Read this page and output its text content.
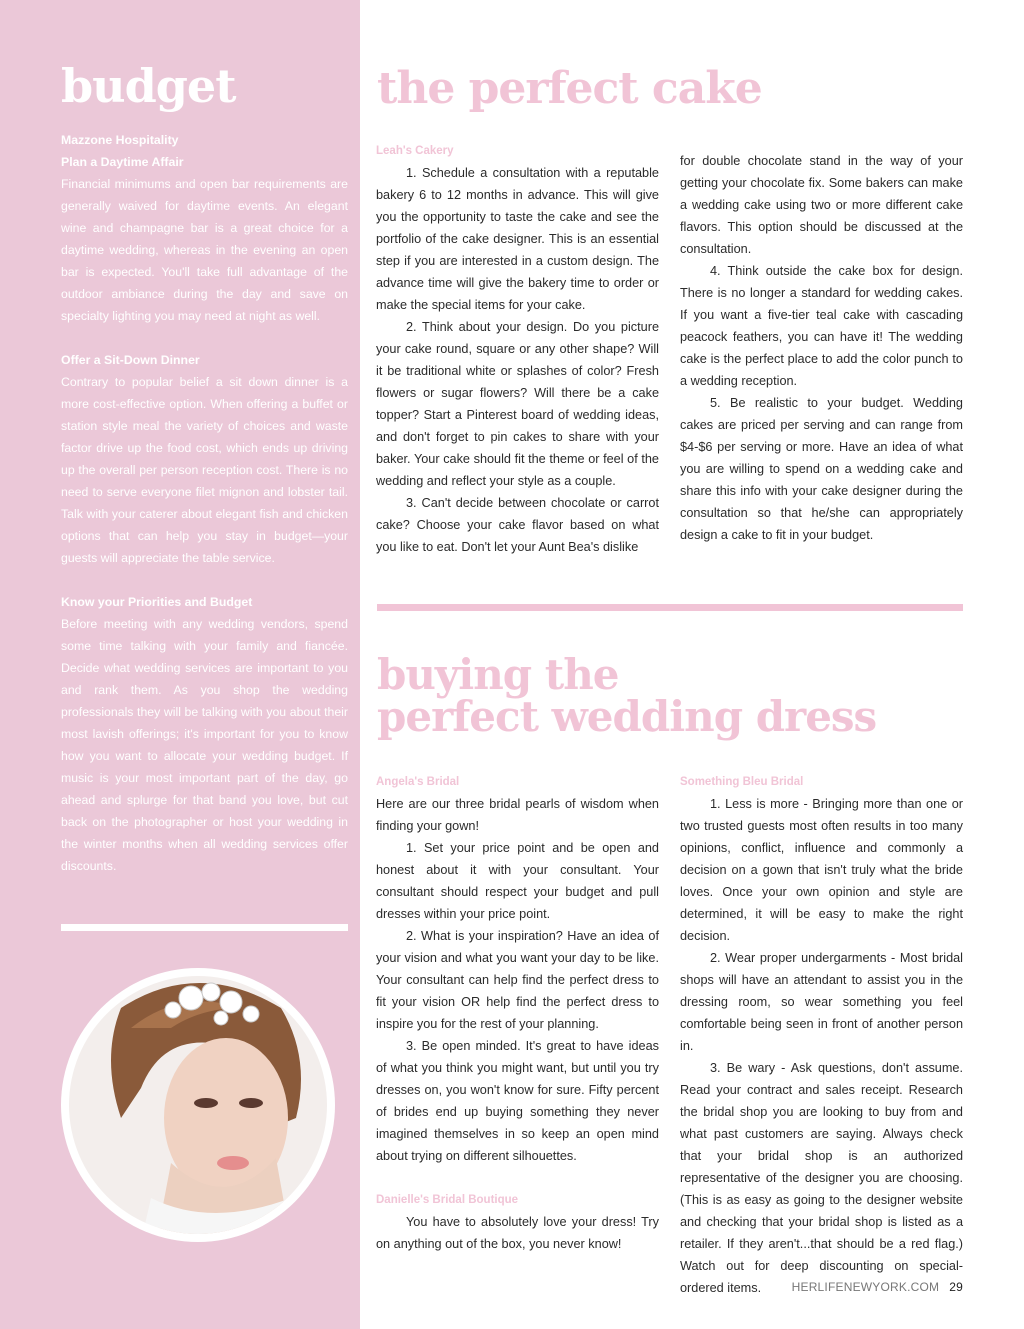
budget

Mazzone Hospitality

Plan a Daytime Affair

Financial minimums and open bar requirements are generally waived for daytime events. An elegant wine and champagne bar is a great choice for a daytime wedding, whereas in the evening an open bar is expected. You'll take full advantage of the outdoor ambiance during the day and save on specialty lighting you may need at night as well.

Offer a Sit-Down Dinner

Contrary to popular belief a sit down dinner is a more cost-effective option. When offering a buffet or station style meal the variety of choices and waste factor drive up the food cost, which ends up driving up the overall per person reception cost. There is no need to serve everyone filet mignon and lobster tail. Talk with your caterer about elegant fish and chicken options that can help you stay in budget—your guests will appreciate the table service.

Know your Priorities and Budget

Before meeting with any wedding vendors, spend some time talking with your family and fiancée. Decide what wedding services are important to you and rank them. As you shop the wedding professionals they will be talking with you about their most lavish offerings; it's important for you to know how you want to allocate your wedding budget. If music is your most important part of the day, go ahead and splurge for that band you love, but cut back on the photographer or host your wedding in the winter months when all wedding services offer discounts.

the perfect cake

Leah's Cakery

1. Schedule a consultation with a reputable bakery 6 to 12 months in advance. This will give you the opportunity to taste the cake and see the portfolio of the cake designer. This is an essential step if you are interested in a custom design. The advance time will give the bakery time to order or make the special items for your cake.

2. Think about your design. Do you picture your cake round, square or any other shape? Will it be traditional white or splashes of color? Fresh flowers or sugar flowers? Will there be a cake topper? Start a Pinterest board of wedding ideas, and don't forget to pin cakes to share with your baker. Your cake should fit the theme or feel of the wedding and reflect your style as a couple.

3. Can't decide between chocolate or carrot cake? Choose your cake flavor based on what you like to eat. Don't let your Aunt Bea's dislike

for double chocolate stand in the way of your getting your chocolate fix. Some bakers can make a wedding cake using two or more different cake flavors. This option should be discussed at the consultation.

4. Think outside the cake box for design. There is no longer a standard for wedding cakes. If you want a five-tier teal cake with cascading peacock feathers, you can have it! The wedding cake is the perfect place to add the color punch to a wedding reception.

5. Be realistic to your budget. Wedding cakes are priced per serving and can range from $4-$6 per serving or more. Have an idea of what you are willing to spend on a wedding cake and share this info with your cake designer during the consultation so that he/she can appropriately design a cake to fit in your budget.

buying the
perfect wedding dress

Angela's Bridal

Here are our three bridal pearls of wisdom when finding your gown!

1. Set your price point and be open and honest about it with your consultant. Your consultant should respect your budget and pull dresses within your price point.

2. What is your inspiration? Have an idea of your vision and what you want your day to be like. Your consultant can help find the perfect dress to fit your vision OR help find the perfect dress to inspire you for the rest of your planning.

3. Be open minded. It's great to have ideas of what you think you might want, but until you try dresses on, you won't know for sure. Fifty percent of brides end up buying something they never imagined themselves in so keep an open mind about trying on different silhouettes.

Danielle's Bridal Boutique

You have to absolutely love your dress! Try on anything out of the box, you never know!

Something Bleu Bridal

1. Less is more - Bringing more than one or two trusted guests most often results in too many opinions, conflict, influence and commonly a decision on a gown that isn't truly what the bride loves. Once your own opinion and style are determined, it will be easy to make the right decision.

2. Wear proper undergarments - Most bridal shops will have an attendant to assist you in the dressing room, so wear something you feel comfortable being seen in front of another person in.

3. Be wary - Ask questions, don't assume. Read your contract and sales receipt. Research the bridal shop you are looking to buy from and what past customers are saying. Always check that your bridal shop is an authorized representative of the designer you are choosing. (This is as easy as going to the designer website and checking that your bridal shop is listed as a retailer. If they aren't...that should be a red flag.) Watch out for deep discounting on special-ordered items.	HERLIFENEWYORK.COM 29
